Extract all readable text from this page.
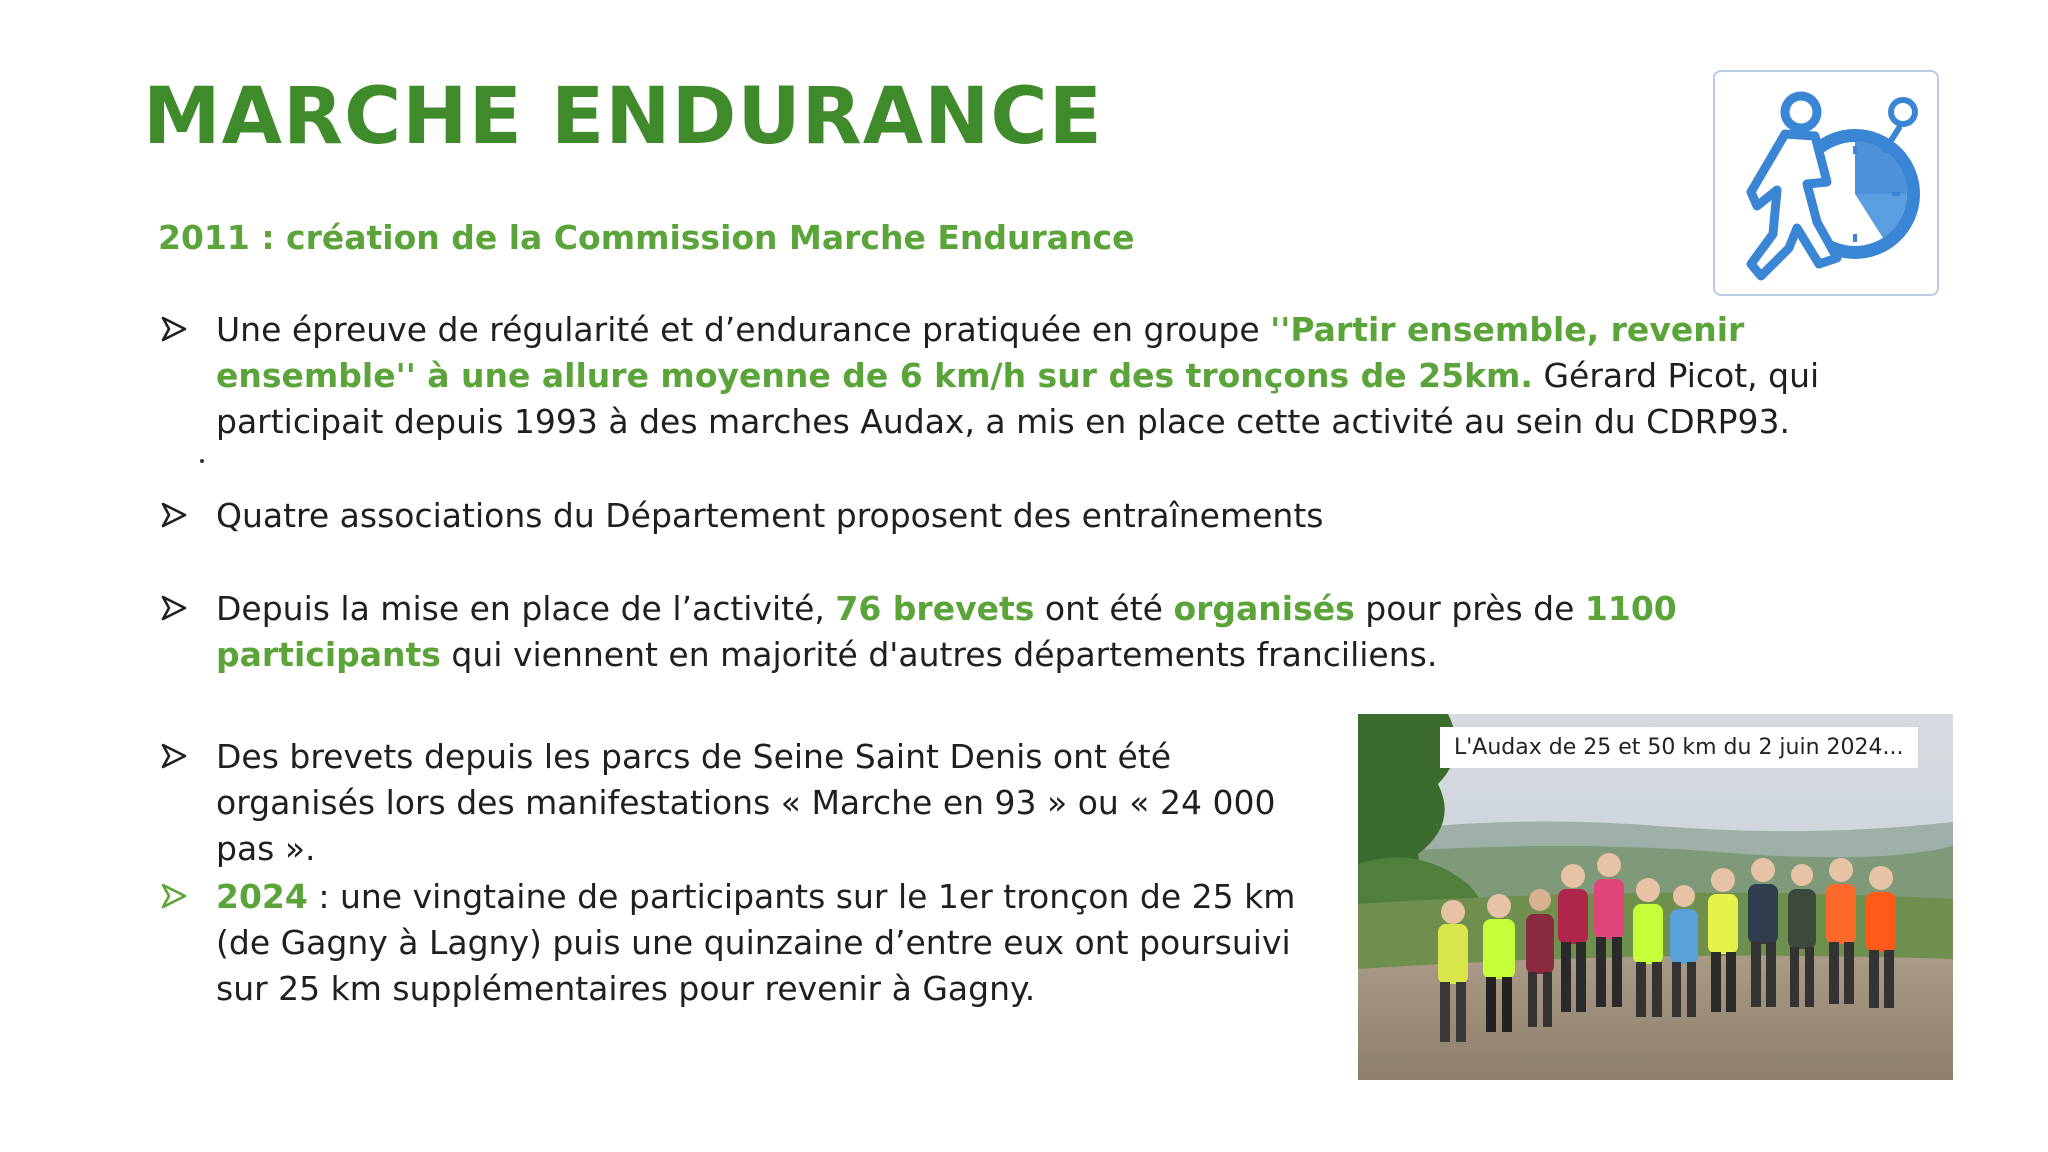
MARCHE ENDURANCE
2011 : création de la Commission Marche Endurance
Une épreuve de régularité et d’endurance pratiquée en groupe ''Partir ensemble, revenir ensemble'' à une allure moyenne de 6 km/h sur des tronçons de 25km. Gérard Picot, qui participait depuis 1993 à des marches Audax, a mis en place cette activité au sein du CDRP93.
Quatre associations du Département proposent des entraînements
Depuis la mise en place de l’activité, 76 brevets ont été organisés pour près de 1100 participants qui viennent en majorité d'autres départements franciliens.
Des brevets depuis les parcs de Seine Saint Denis ont été organisés lors des manifestations « Marche en 93 » ou « 24 000 pas ».
2024 : une vingtaine de participants sur le 1er tronçon de 25 km (de Gagny à Lagny) puis une quinzaine d’entre eux ont poursuivi sur 25 km supplémentaires pour revenir à Gagny.
L'Audax de 25 et 50 km du 2 juin 2024...
